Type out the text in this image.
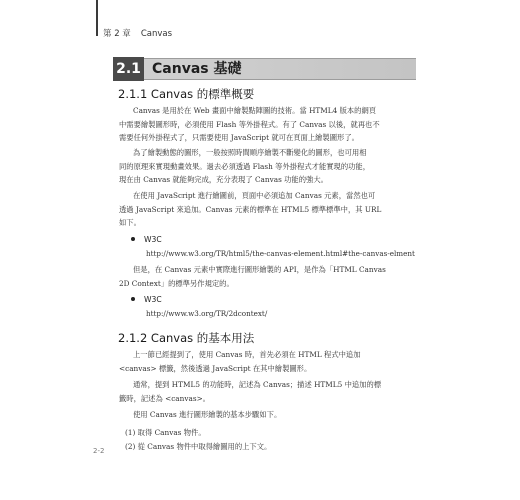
第 2 章 Canvas
2.1 Canvas 基礎
2.1.1 Canvas 的標準概要

Canvas 是用於在 Web 畫面中繪製點陣圖的技術。當 HTML4 版本的網頁

中需要繪製圖形時，必須使用 Flash 等外掛程式。有了 Canvas 以後，就再也不

需要任何外掛程式了，只需要使用 JavaScript 就可在頁面上繪製圖形了。

為了繪製動態的圖形，一般按照時間順序繪製不斷變化的圖形，也可用相

同的原理來實現動畫效果。過去必須透過 Flash 等外掛程式才能實現的功能，

現在由 Canvas 就能夠完成，充分表現了 Canvas 功能的強大。

在使用 JavaScript 進行繪圖前，頁面中必須追加 Canvas 元素，當然也可

透過 JavaScript 來追加。Canvas 元素的標準在 HTML5 標準標準中，其 URL

如下。

W3C
http://www.w3.org/TR/html5/the-canvas-element.html#the-canvas-elment

但是，在 Canvas 元素中實際進行圖形繪製的 API，是作為「HTML Canvas

2D Context」的標準另作規定的。

W3C
http://www.w3.org/TR/2dcontext/
2.1.2 Canvas 的基本用法

上一節已經提到了，使用 Canvas 時，首先必須在 HTML 程式中追加

<canvas> 標籤，然後透過 JavaScript 在其中繪製圖形。

通常，提到 HTML5 的功能時，記述為 Canvas；描述 HTML5 中追加的標

籤時，記述為 <canvas>。

使用 Canvas 進行圖形繪製的基本步驟如下。

(1) 取得 Canvas 物件。
(2) 從 Canvas 物件中取得繪圖用的上下文。
2-2
